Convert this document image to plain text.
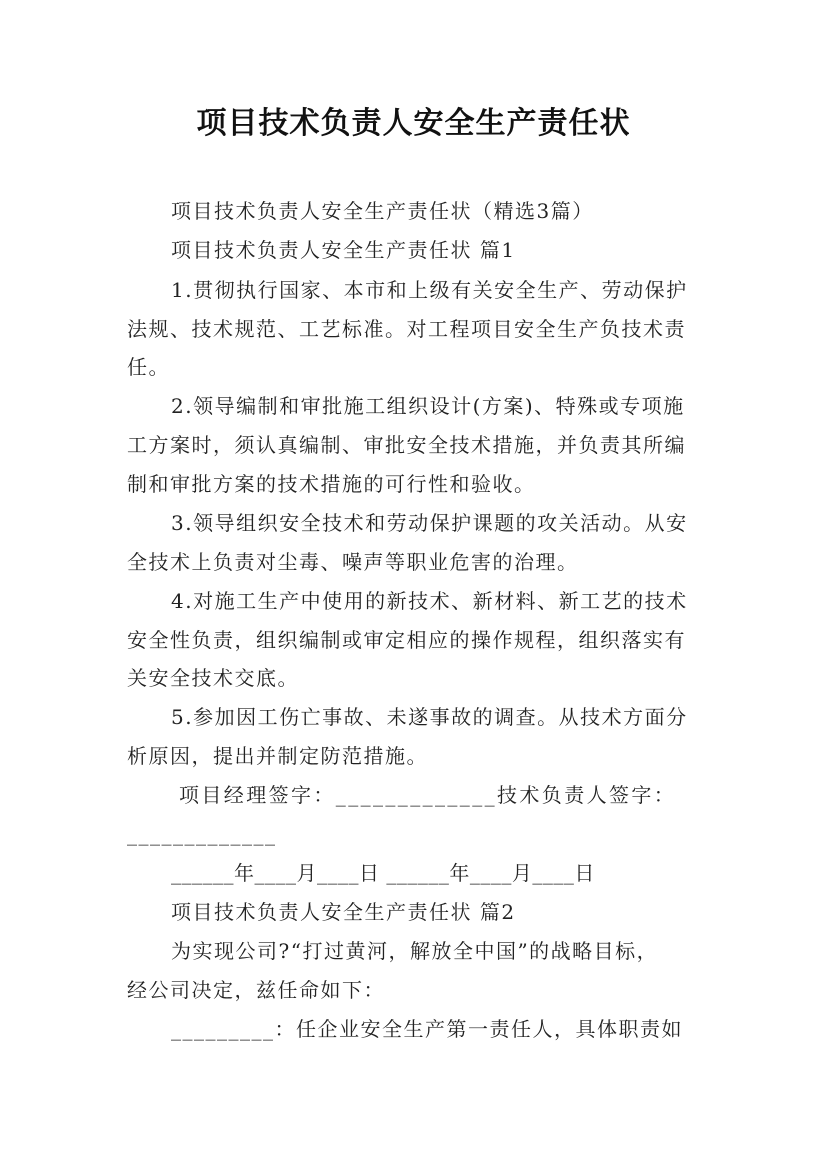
项目技术负责人安全生产责任状
项目技术负责人安全生产责任状（精选3篇）
项目技术负责人安全生产责任状 篇1
1.贯彻执行国家、本市和上级有关安全生产、劳动保护
法规、技术规范、工艺标准。对工程项目安全生产负技术责
任。
2.领导编制和审批施工组织设计(方案)、特殊或专项施
工方案时，须认真编制、审批安全技术措施，并负责其所编
制和审批方案的技术措施的可行性和验收。
3.领导组织安全技术和劳动保护课题的攻关活动。从安
全技术上负责对尘毒、噪声等职业危害的治理。
4.对施工生产中使用的新技术、新材料、新工艺的技术
安全性负责，组织编制或审定相应的操作规程，组织落实有
关安全技术交底。
5.参加因工伤亡事故、未遂事故的调查。从技术方面分
析原因，提出并制定防范措施。
项目经理签字：_____________技术负责人签字：
_____________
______年____月____日 ______年____月____日
项目技术负责人安全生产责任状 篇2
为实现公司?“打过黄河，解放全中国”的战略目标，
经公司决定，兹任命如下：
_________：任企业安全生产第一责任人，具体职责如
